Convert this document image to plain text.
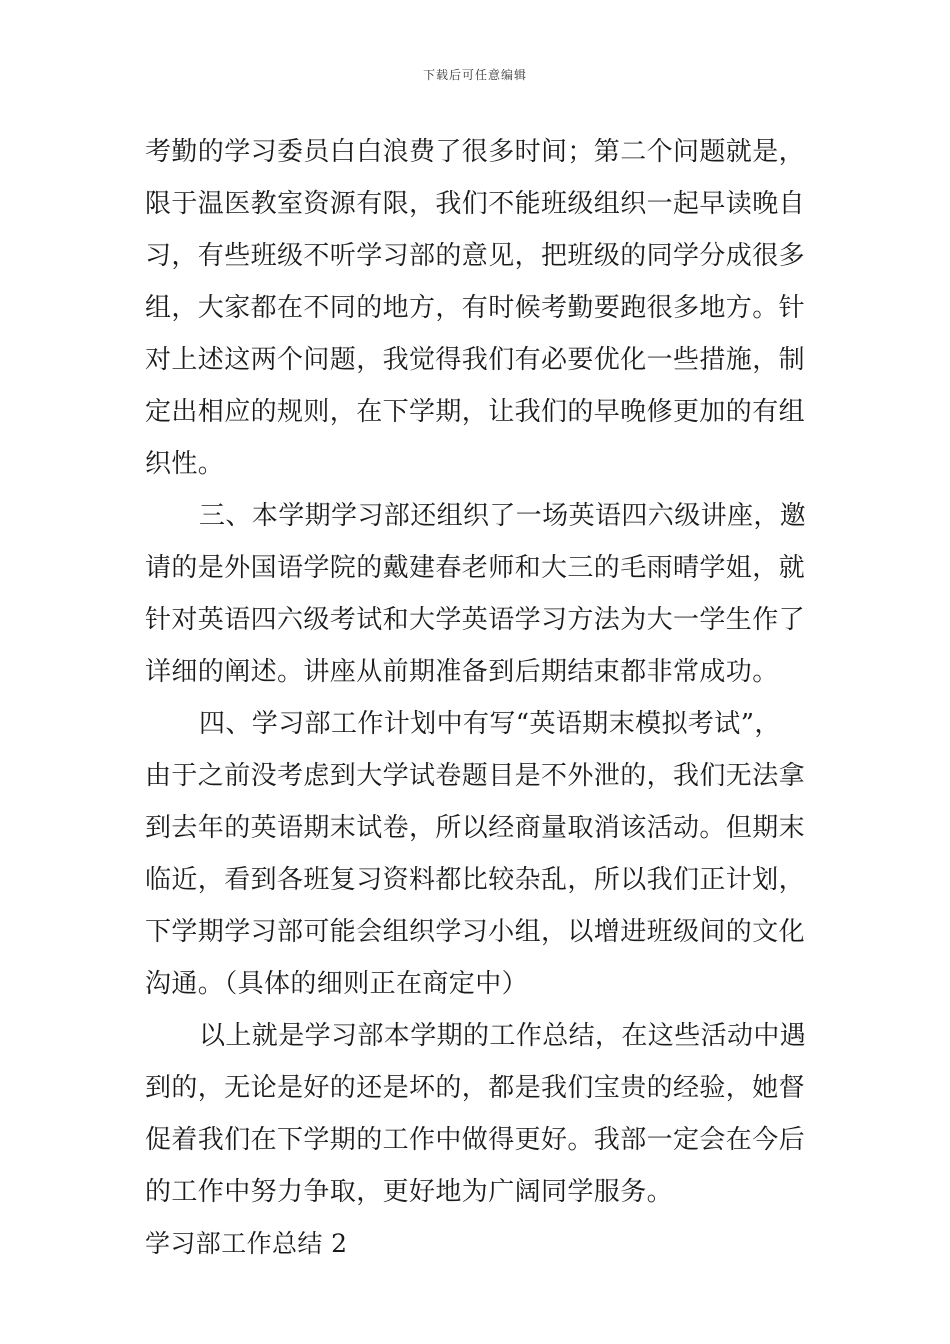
下载后可任意编辑
考勤的学习委员白白浪费了很多时间；第二个问题就是，
限于温医教室资源有限，我们不能班级组织一起早读晚自
习，有些班级不听学习部的意见，把班级的同学分成很多
组，大家都在不同的地方，有时候考勤要跑很多地方。针
对上述这两个问题，我觉得我们有必要优化一些措施，制
定出相应的规则，在下学期，让我们的早晚修更加的有组
织性。
三、本学期学习部还组织了一场英语四六级讲座，邀
请的是外国语学院的戴建春老师和大三的毛雨晴学姐，就
针对英语四六级考试和大学英语学习方法为大一学生作了
详细的阐述。讲座从前期准备到后期结束都非常成功。
四、学习部工作计划中有写“英语期末模拟考试”，
由于之前没考虑到大学试卷题目是不外泄的，我们无法拿
到去年的英语期末试卷，所以经商量取消该活动。但期末
临近，看到各班复习资料都比较杂乱，所以我们正计划，
下学期学习部可能会组织学习小组，以增进班级间的文化
沟通。（具体的细则正在商定中）
以上就是学习部本学期的工作总结，在这些活动中遇
到的，无论是好的还是坏的，都是我们宝贵的经验，她督
促着我们在下学期的工作中做得更好。我部一定会在今后
的工作中努力争取，更好地为广阔同学服务。
学习部工作总结 2
